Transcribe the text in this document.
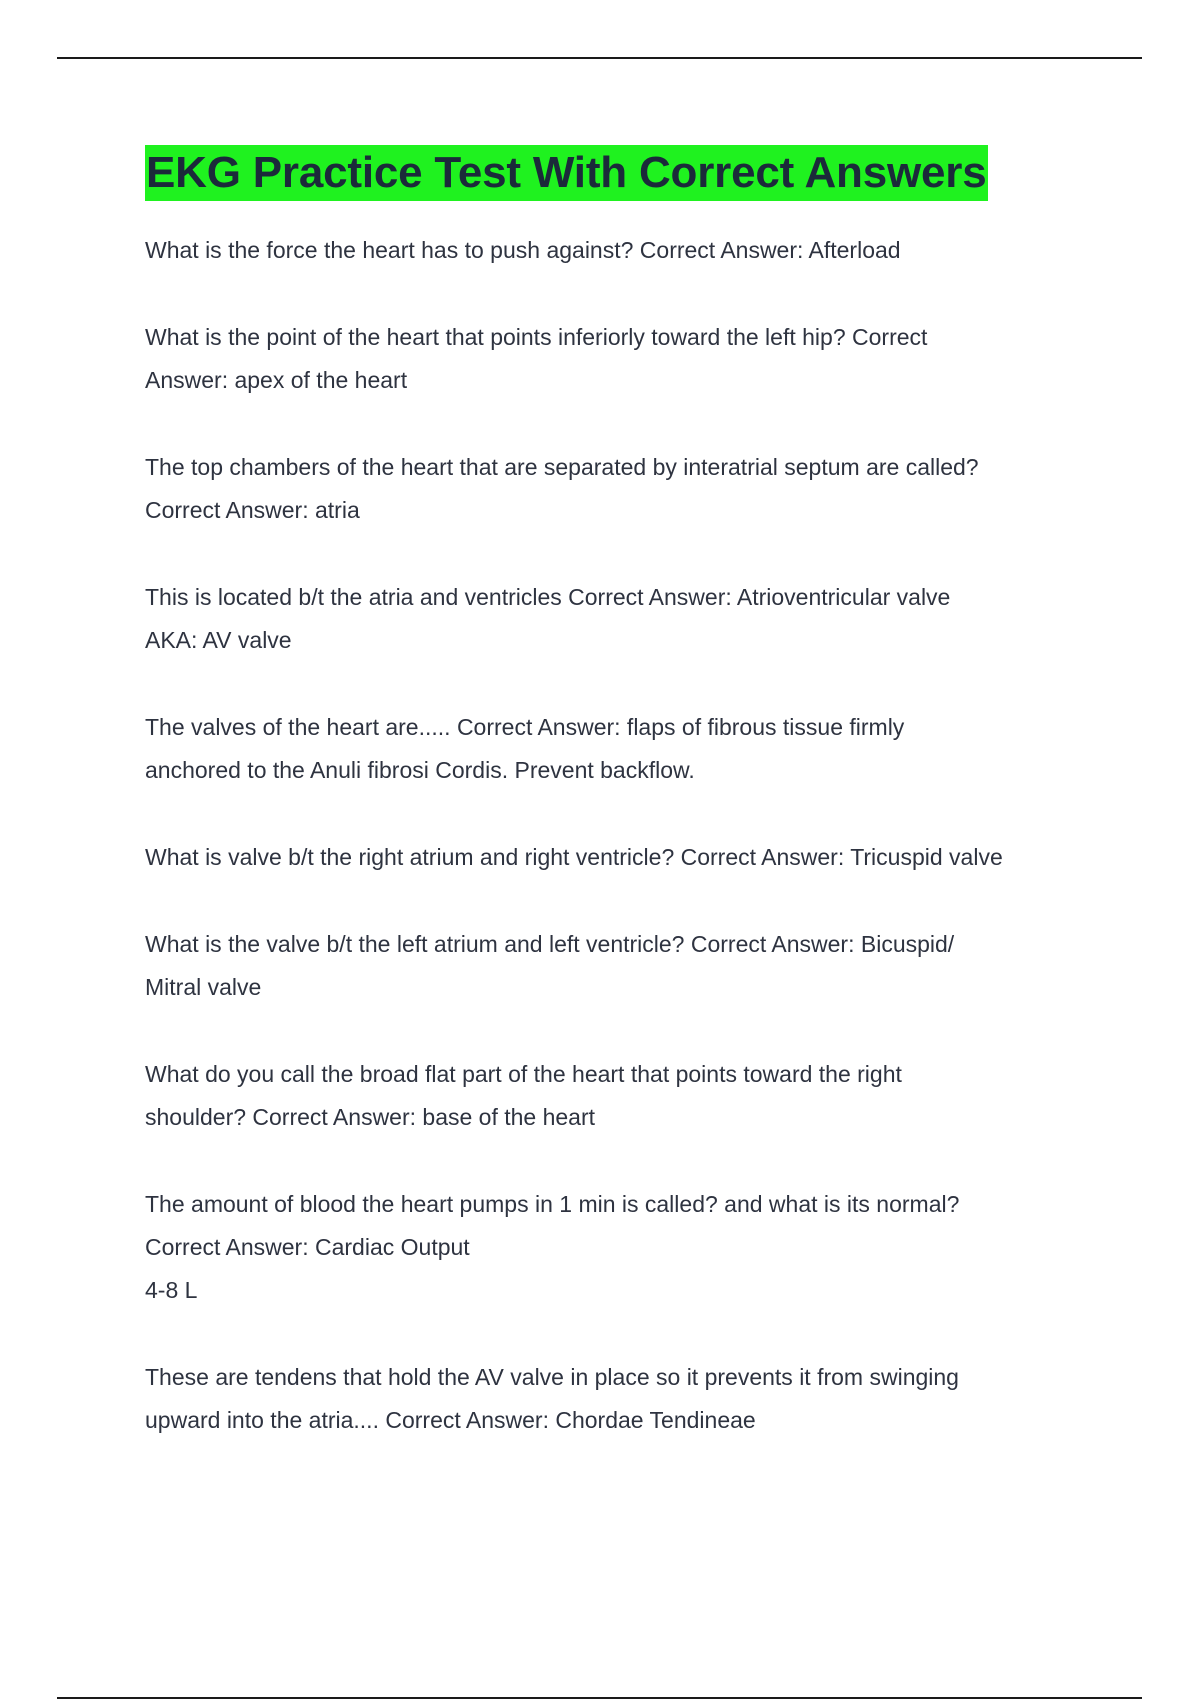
EKG Practice Test With Correct Answers

What is the force the heart has to push against? Correct Answer: Afterload

What is the point of the heart that points inferiorly toward the left hip? Correct
Answer: apex of the heart

The top chambers of the heart that are separated by interatrial septum are called?
Correct Answer: atria

This is located b/t the atria and ventricles Correct Answer: Atrioventricular valve
AKA: AV valve

The valves of the heart are..... Correct Answer: flaps of fibrous tissue firmly
anchored to the Anuli fibrosi Cordis. Prevent backflow.

What is valve b/t the right atrium and right ventricle? Correct Answer: Tricuspid valve

What is the valve b/t the left atrium and left ventricle? Correct Answer: Bicuspid/
Mitral valve

What do you call the broad flat part of the heart that points toward the right
shoulder? Correct Answer: base of the heart

The amount of blood the heart pumps in 1 min is called? and what is its normal?
Correct Answer: Cardiac Output
4-8 L

These are tendens that hold the AV valve in place so it prevents it from swinging
upward into the atria.... Correct Answer: Chordae Tendineae
